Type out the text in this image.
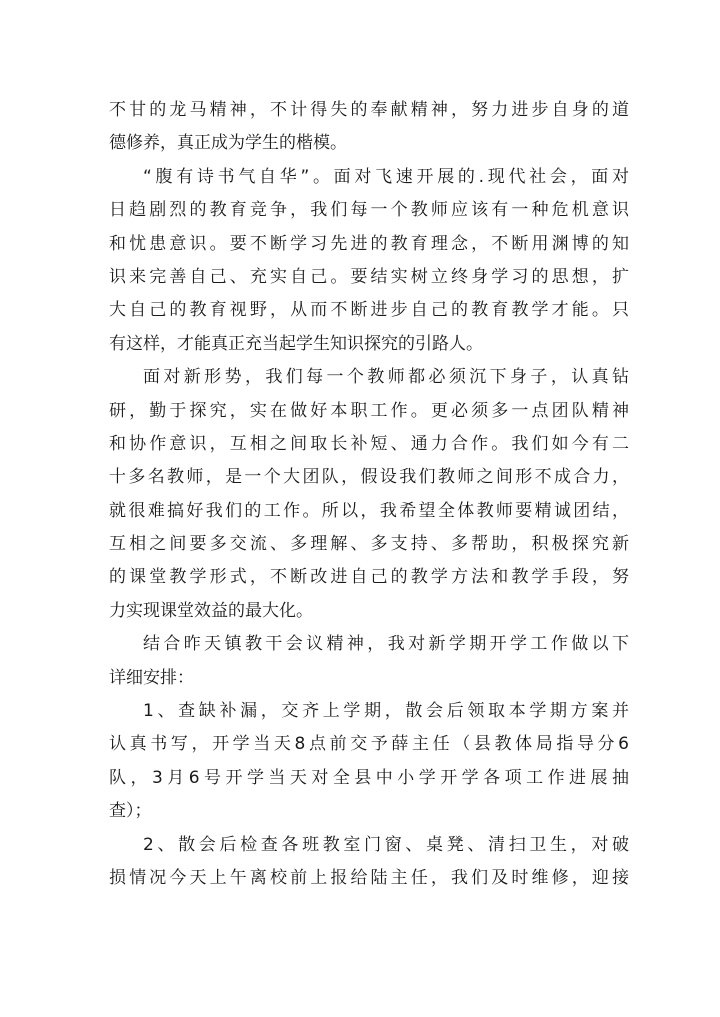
不甘的龙马精神，不计得失的奉献精神，努力进步自身的道
德修养，真正成为学生的楷模。
“腹有诗书气自华”。面对飞速开展的.现代社会，面对
日趋剧烈的教育竞争，我们每一个教师应该有一种危机意识
和忧患意识。要不断学习先进的教育理念，不断用渊博的知
识来完善自己、充实自己。要结实树立终身学习的思想，扩
大自己的教育视野，从而不断进步自己的教育教学才能。只
有这样，才能真正充当起学生知识探究的引路人。
面对新形势，我们每一个教师都必须沉下身子，认真钻
研，勤于探究，实在做好本职工作。更必须多一点团队精神
和协作意识，互相之间取长补短、通力合作。我们如今有二
十多名教师，是一个大团队，假设我们教师之间形不成合力，
就很难搞好我们的工作。所以，我希望全体教师要精诚团结，
互相之间要多交流、多理解、多支持、多帮助，积极探究新
的课堂教学形式，不断改进自己的教学方法和教学手段，努
力实现课堂效益的最大化。
结合昨天镇教干会议精神，我对新学期开学工作做以下
详细安排：
1、查缺补漏，交齐上学期，散会后领取本学期方案并
认真书写，开学当天8点前交予薛主任（县教体局指导分6
队，3月6号开学当天对全县中小学开学各项工作进展抽
查）；
2、散会后检查各班教室门窗、桌凳、清扫卫生，对破
损情况今天上午离校前上报给陆主任，我们及时维修，迎接
